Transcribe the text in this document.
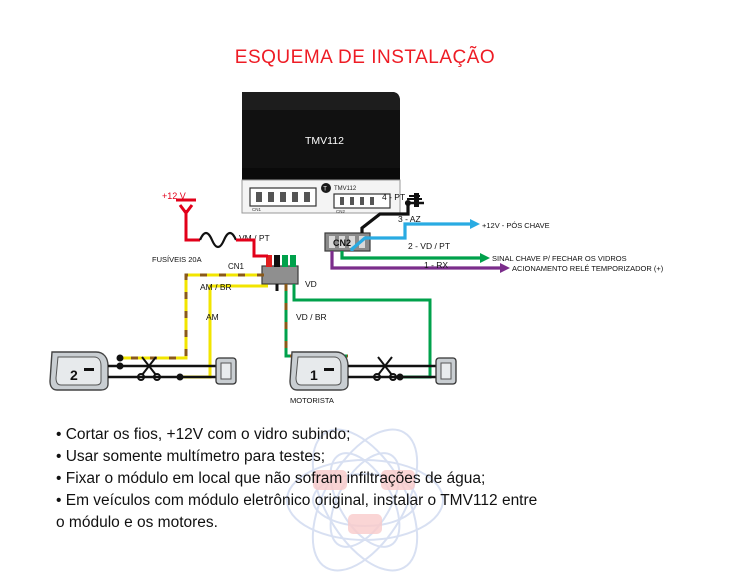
ESQUEMA DE INSTALAÇÃO
TMV112
CN1
T TMV112
CN2
CN2
4 - PT
3 - AZ
2 - VD / PT
1 - RX
+12V - PÓS CHAVE
SINAL CHAVE P/ FECHAR OS VIDROS
ACIONAMENTO RELÉ TEMPORIZADOR (+)
CN1
VM / PT
+12 V
FUSÍVEIS 20A
AM / BR
AM
VD
VD / BR
2	1
MOTORISTA
• Cortar os fios, +12V com o vidro subindo;
• Usar somente multímetro para testes;
• Fixar o módulo em local que não sofram infiltrações de água;
• Em veículos com módulo eletrônico original, instalar o TMV112 entre
o módulo e os motores.
